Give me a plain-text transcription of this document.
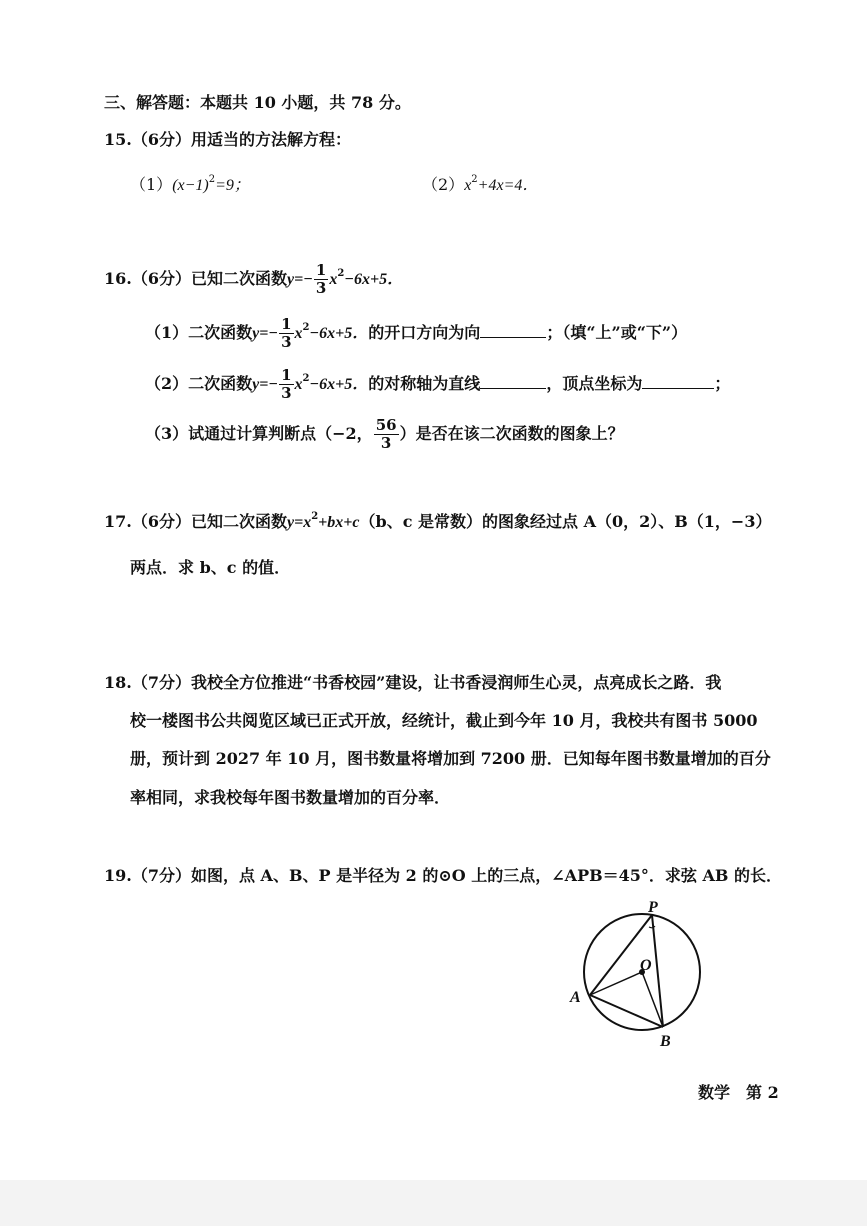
三、解答题：本题共 10 小题，共 78 分。
15.（6分）用适当的方法解方程：
$(1)(x-1)^2=9$；	$(2)x^2+4x=4$．
16.（6分）已知二次函数$y=- \frac{1}{3} x^2-6x+5$．
（1）二次函数$y=- \frac{1}{3} x^2-6x+5$．的开口方向为向	；（填“上”或“下”）
（2）二次函数$y=- \frac{1}{3} x^2-6x+5$．的对称轴为直线	，顶点坐标为	；
（3）试通过计算判断点（−2， $\frac{56}{3}$ ）是否在该二次函数的图象上？
17.（6分）已知二次函数$y=x^2+bx+c(b$、c 是常数）的图象经过点 A（0，2）、B（1，−3）
两点．求 b、c 的值．
18.（7分）我校全方位推进“书香校园”建设，让书香浸润师生心灵，点亮成长之路．我
校一楼图书公共阅览区域已正式开放，经统计，截止到今年 10 月，我校共有图书 5000
册，预计到 2027 年 10 月，图书数量将增加到 7200 册．已知每年图书数量增加的百分
率相同，求我校每年图书数量增加的百分率．
19.（7分）如图，点 A、B、P 是半径为 2 的⊙O 上的三点，∠APB＝45°．求弦 AB 的长．
P
O
A
B
数学　第 2
